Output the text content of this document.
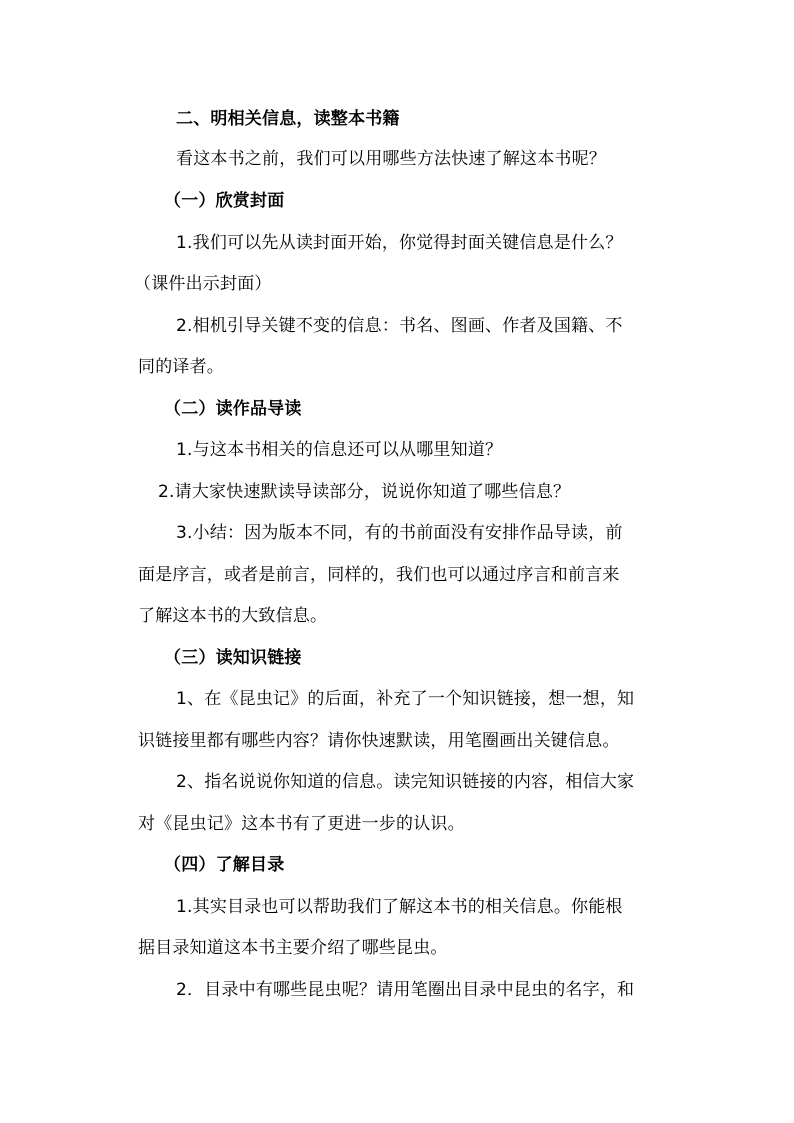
二、明相关信息，读整本书籍
看这本书之前，我们可以用哪些方法快速了解这本书呢？
（一）欣赏封面
1.我们可以先从读封面开始，你觉得封面关键信息是什么？
（课件出示封面）
2.相机引导关键不变的信息：书名、图画、作者及国籍、不
同的译者。
（二）读作品导读
1.与这本书相关的信息还可以从哪里知道？
2.请大家快速默读导读部分，说说你知道了哪些信息？
3.小结：因为版本不同，有的书前面没有安排作品导读，前
面是序言，或者是前言，同样的，我们也可以通过序言和前言来
了解这本书的大致信息。
（三）读知识链接
1、在《昆虫记》的后面，补充了一个知识链接，想一想，知
识链接里都有哪些内容？请你快速默读，用笔圈画出关键信息。
2、指名说说你知道的信息。读完知识链接的内容，相信大家
对《昆虫记》这本书有了更进一步的认识。
（四）了解目录
1.其实目录也可以帮助我们了解这本书的相关信息。你能根
据目录知道这本书主要介绍了哪些昆虫。
2．目录中有哪些昆虫呢？请用笔圈出目录中昆虫的名字，和
